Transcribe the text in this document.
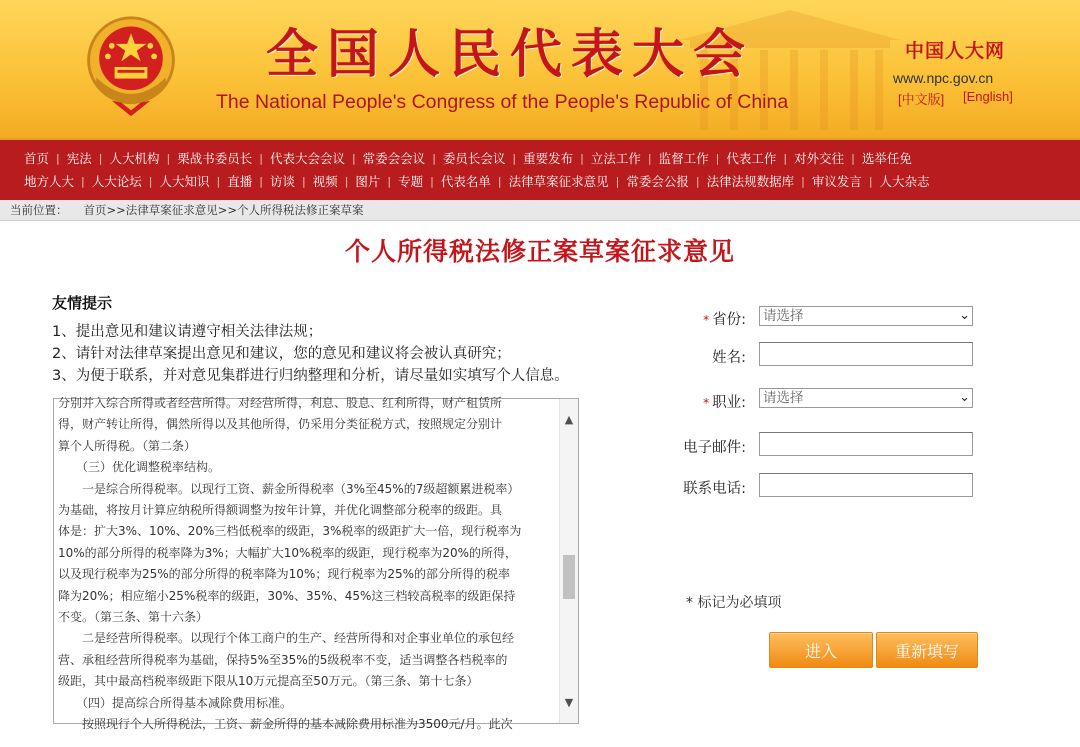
全国人民代表大会
The National People's Congress of the People's Republic of China
中国人大网
www.npc.gov.cn
[中文版] [English]
首页 | 宪法 | 人大机构 | 栗战书委员长 | 代表大会会议 | 常委会会议 | 委员长会议 | 重要发布 | 立法工作 | 监督工作 | 代表工作 | 对外交往 | 选举任免
地方人大 | 人大论坛 | 人大知识 | 直播 | 访谈 | 视频 | 图片 | 专题 | 代表名单 | 法律草案征求意见 | 常委会公报 | 法律法规数据库 | 审议发言 | 人大杂志
当前位置： 首页 >> 法律草案征求意见 >> 个人所得税法修正案草案
个人所得税法修正案草案征求意见
友情提示
1、提出意见和建议请遵守相关法律法规；
2、请针对法律草案提出意见和建议，您的意见和建议将会被认真研究；
3、为便于联系，并对意见集群进行归纳整理和分析，请尽量如实填写个人信息。

分别并入综合所得或者经营所得。对经营所得，利息、股息、红利所得，财产租赁所

得，财产转让所得，偶然所得以及其他所得，仍采用分类征税方式，按照规定分别计

算个人所得税。（第二条）

　　（三）优化调整税率结构。

　　一是综合所得税率。以现行工资、薪金所得税率（3%至45%的7级超额累进税率）

为基础，将按月计算应纳税所得额调整为按年计算，并优化调整部分税率的级距。具

体是：扩大3%、10%、20%三档低税率的级距，3%税率的级距扩大一倍，现行税率为

10%的部分所得的税率降为3%；大幅扩大10%税率的级距，现行税率为20%的所得，

以及现行税率为25%的部分所得的税率降为10%；现行税率为25%的部分所得的税率

降为20%；相应缩小25%税率的级距，30%、35%、45%这三档较高税率的级距保持

不变。（第三条、第十六条）

　　二是经营所得税率。以现行个体工商户的生产、经营所得和对企事业单位的承包经

营、承租经营所得税率为基础，保持5%至35%的5级税率不变，适当调整各档税率的

级距，其中最高档税率级距下限从10万元提高至50万元。（第三条、第十七条）

　　（四）提高综合所得基本减除费用标准。

　　按照现行个人所得税法，工资、薪金所得的基本减除费用标准为3500元/月。此次

▲
▼
* 省份: 请选择	⌄
姓名:
* 职业: 请选择	⌄
电子邮件:
联系电话:
* 标记为必填项
进入	重新填写
